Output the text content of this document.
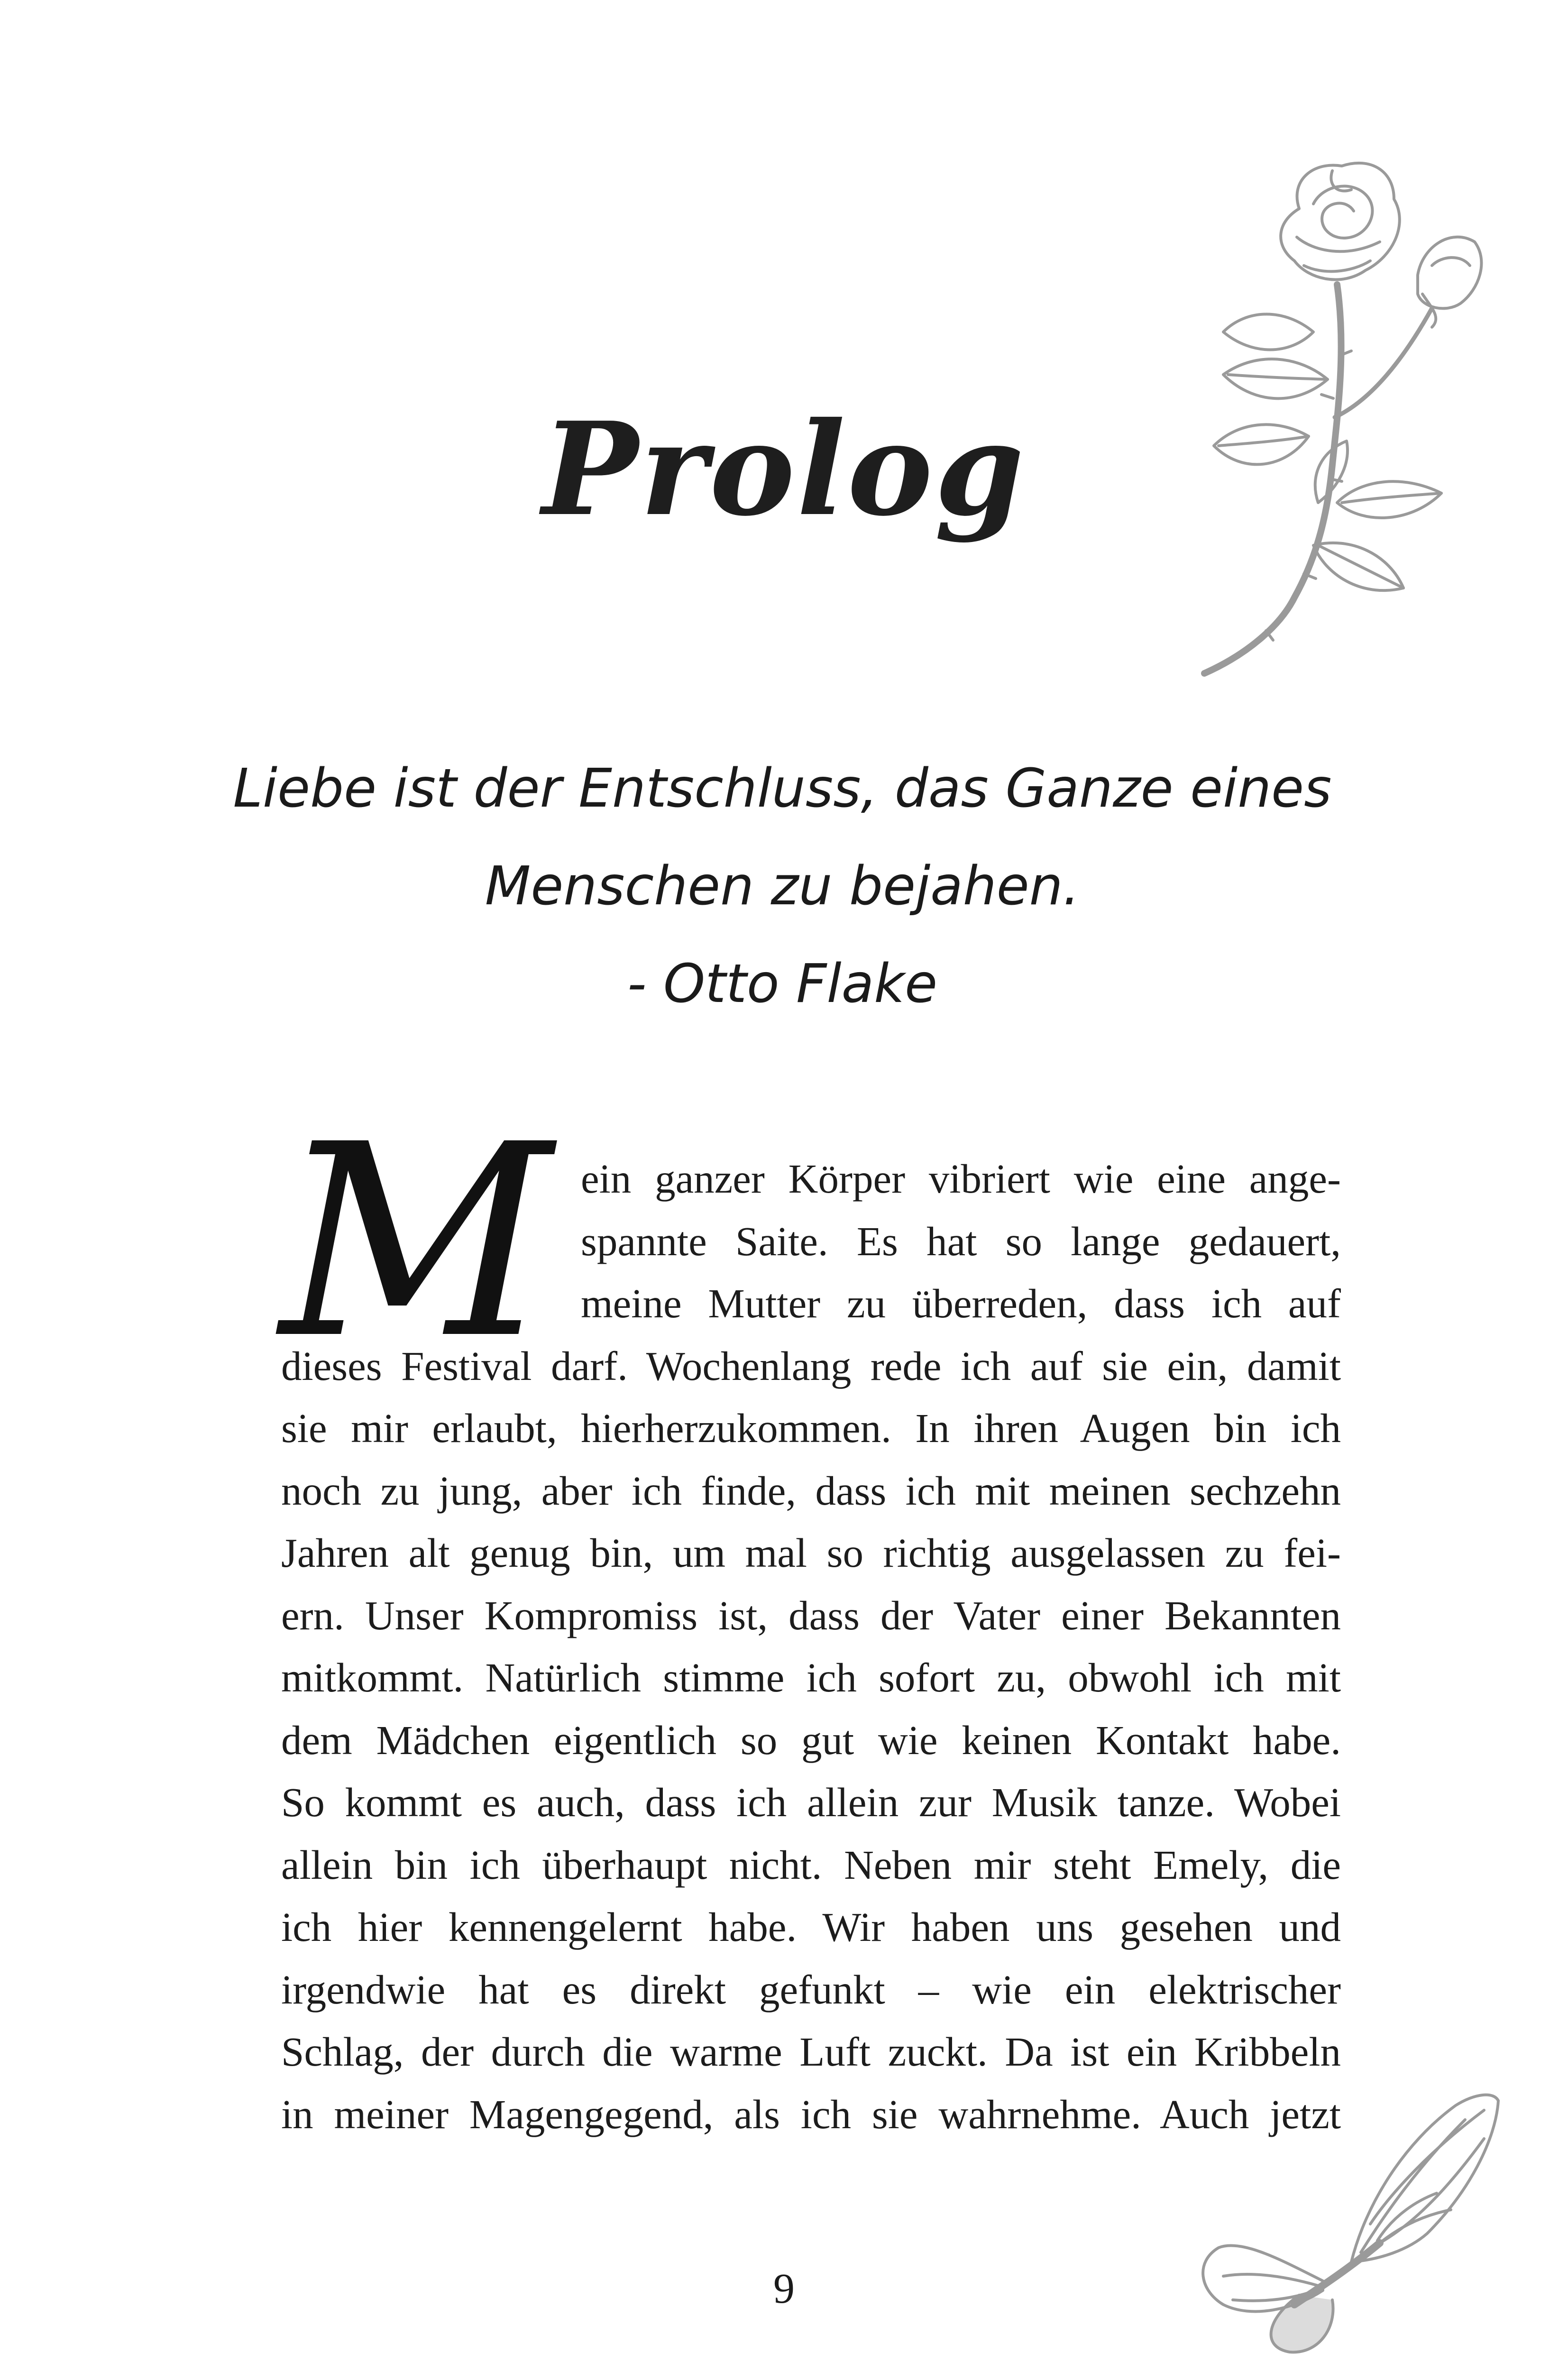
Prolog
Liebe ist der Entschluss, das Ganze eines
Menschen zu bejahen.
- Otto Flake
M ein ganzer Körper vibriert wie eine ange-
spannte Saite. Es hat so lange gedauert,
meine Mutter zu überreden, dass ich auf
dieses Festival darf. Wochenlang rede ich auf sie ein, damit
sie mir erlaubt, hierherzukommen. In ihren Augen bin ich
noch zu jung, aber ich finde, dass ich mit meinen sechzehn
Jahren alt genug bin, um mal so richtig ausgelassen zu fei-
ern. Unser Kompromiss ist, dass der Vater einer Bekannten
mitkommt. Natürlich stimme ich sofort zu, obwohl ich mit
dem Mädchen eigentlich so gut wie keinen Kontakt habe.
So kommt es auch, dass ich allein zur Musik tanze. Wobei
allein bin ich überhaupt nicht. Neben mir steht Emely, die
ich hier kennengelernt habe. Wir haben uns gesehen und
irgendwie hat es direkt gefunkt – wie ein elektrischer
Schlag, der durch die warme Luft zuckt. Da ist ein Kribbeln
in meiner Magengegend, als ich sie wahrnehme. Auch jetzt
9
